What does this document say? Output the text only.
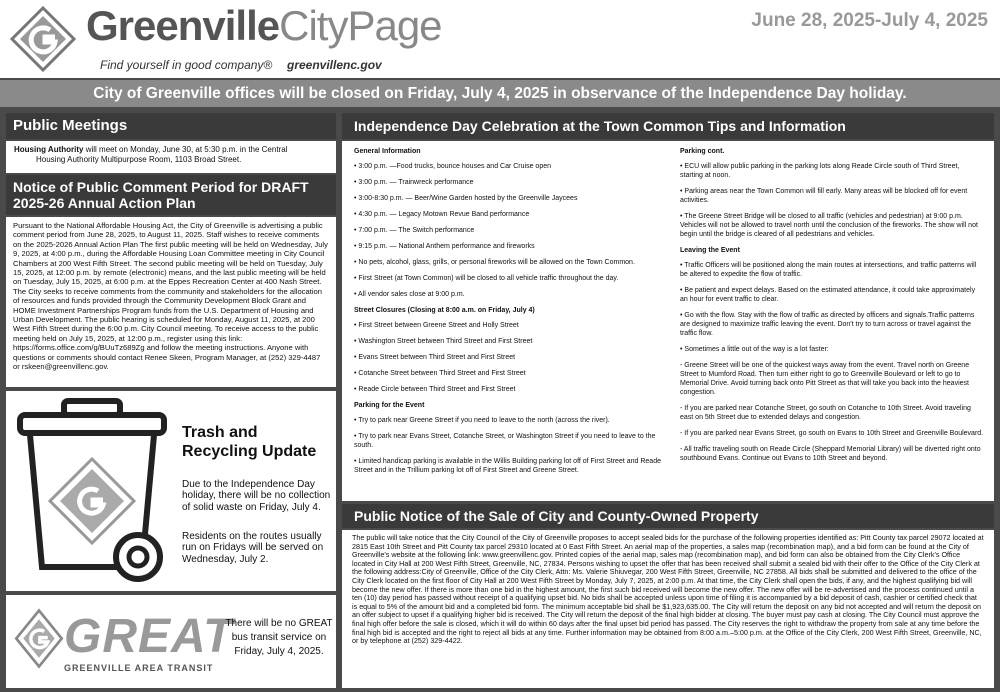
GreenvilleCityPage
Find yourself in good company® greenvillenc.gov
June 28, 2025-July 4, 2025
City of Greenville offices will be closed on Friday, July 4, 2025 in observance of the Independence Day holiday.
Public Meetings
Housing Authority will meet on Monday, June 30, at 5:30 p.m. in the Central
Housing Authority Multipurpose Room, 1103 Broad Street.
Notice of Public Comment Period for DRAFT 2025-26 Annual Action Plan
Pursuant to the National Affordable Housing Act, the City of Greenville is advertising a public comment period from June 28, 2025, to August 11, 2025. Staff wishes to receive comments on the 2025-2026 Annual Action Plan The first public meeting will be held on Wednesday, July 9, 2025, at 4:00 p.m., during the Affordable Housing Loan Committee meeting in City Council Chambers at 200 West Fifth Street. The second public meeting will be held on Tuesday, July 15, 2025, at 12:00 p.m. by remote (electronic) means, and the last public meeting will be held on Tuesday, July 15, 2025, at 6:00 p.m. at the Eppes Recreation Center at 400 Nash Street. The City seeks to receive comments from the community and stakeholders for the allocation of resources and funds provided through the Community Development Block Grant and HOME Investment Partnerships Program funds from the U.S. Department of Housing and Urban Development. The public hearing is scheduled for Monday, August 11, 2025, at 200 West Fifth Street during the 6:00 p.m. City Council meeting. To receive access to the public meeting held on July 15, 2025, at 12:00 p.m., register using this link: https://forms.office.com/g/BUuTz689Zg and follow the meeting instructions. Anyone with questions or comments should contact Renee Skeen, Program Manager, at (252) 329-4487 or rskeen@greenvillenc.gov.
Trash and Recycling Update
Due to the Independence Day holiday, there will be no collection of solid waste on Friday, July 4.
Residents on the routes usually run on Fridays will be served on Wednesday, July 2.
GREAT
GREENVILLE AREA TRANSIT
There will be no GREAT bus transit service on Friday, July 4, 2025.
Independence Day Celebration at the Town Common Tips and Information
General Information
• 3:00 p.m. —Food trucks, bounce houses and Car Cruise open
• 3:00 p.m. — Trainwreck performance
• 3:00-8:30 p.m. — Beer/Wine Garden hosted by the Greenville Jaycees
• 4:30 p.m. — Legacy Motown Revue Band performance
• 7:00 p.m. — The Switch performance
• 9:15 p.m. — National Anthem performance and fireworks
• No pets, alcohol, glass, grills, or personal fireworks will be allowed on the Town Common.
• First Street (at Town Common) will be closed to all vehicle traffic throughout the day.
• All vendor sales close at 9:00 p.m.
Street Closures (Closing at 8:00 a.m. on Friday, July 4)
• First Street between Greene Street and Holly Street
• Washington Street between Third Street and First Street
• Evans Street between Third Street and First Street
• Cotanche Street between Third Street and First Street
• Reade Circle between Third Street and First Street
Parking for the Event
• Try to park near Greene Street if you need to leave to the north (across the river).
• Try to park near Evans Street, Cotanche Street, or Washington Street if you need to leave to the south.
• Limited handicap parking is available in the Willis Building parking lot off of First Street and Reade Street and in the Trillium parking lot off of First Street and Greene Street.
Parking cont.
• ECU will allow public parking in the parking lots along Reade Circle south of Third Street, starting at noon.
• Parking areas near the Town Common will fill early. Many areas will be blocked off for event activities.
• The Greene Street Bridge will be closed to all traffic (vehicles and pedestrian) at 9:00 p.m. Vehicles will not be allowed to travel north until the conclusion of the fireworks. The show will not begin until the bridge is cleared of all pedestrians and vehicles.
Leaving the Event
• Traffic Officers will be positioned along the main routes at intersections, and traffic patterns will be altered to expedite the flow of traffic.
• Be patient and expect delays. Based on the estimated attendance, it could take approximately an hour for event traffic to clear.
• Go with the flow. Stay with the flow of traffic as directed by officers and signals.Traffic patterns are designed to maximize traffic leaving the event. Don't try to turn across or travel against the traffic flow.
• Sometimes a little out of the way is a lot faster:
- Greene Street will be one of the quickest ways away from the event. Travel north on Greene Street to Mumford Road. Then turn either right to go to Greenville Boulevard or left to go to Memorial Drive. Avoid turning back onto Pitt Street as that will take you back into the heaviest congestion.
- If you are parked near Cotanche Street, go south on Cotanche to 10th Street. Avoid traveling east on 5th Street due to extended delays and congestion.
- If you are parked near Evans Street, go south on Evans to 10th Street and Greenville Boulevard.
- All traffic traveling south on Reade Circle (Sheppard Memorial Library) will be diverted right onto southbound Evans. Continue out Evans to 10th Street and beyond.
Public Notice of the Sale of City and County-Owned Property
The public will take notice that the City Council of the City of Greenville proposes to accept sealed bids for the purchase of the following properties identified as: Pitt County tax parcel 29072 located at 2815 East 10th Street and Pitt County tax parcel 29310 located at 0 East Fifth Street. An aerial map of the properties, a sales map (recombination map), and a bid form can be found at the City of Greenville's website at the following link: www.greenvillenc.gov. Printed copies of the aerial map, sales map (recombination map), and bid form can also be obtained from the City Clerk's Office located in City Hall at 200 West Fifth Street, Greenville, NC, 27834. Persons wishing to upset the offer that has been received shall submit a sealed bid with their offer to the Office of the City Clerk at the following address:City of Greenville, Office of the City Clerk, Attn: Ms. Valerie Shiuvegar, 200 West Fifth Street, Greenville, NC 27858. All bids shall be submitted and delivered to the office of the City Clerk located on the first floor of City Hall at 200 West Fifth Street by Monday, July 7, 2025, at 2:00 p.m. At that time, the City Clerk shall open the bids, if any, and the highest qualifying bid will become the new offer. If there is more than one bid in the highest amount, the first such bid received will become the new offer. The new offer will be re-advertised and the process continued until a ten (10) day period has passed without receipt of a qualifying upset bid. No bids shall be accepted unless upon time of filing it is accompanied by a bid deposit of cash, cashier or certified check that is equal to 5% of the amount bid and a completed bid form. The minimum acceptable bid shall be $1,923,635.00. The City will return the deposit on any bid not accepted and will return the deposit on an offer subject to upset if a qualifying higher bid is received. The City will return the deposit of the final high bidder at closing. The buyer must pay cash at closing. The City Council must approve the final high offer before the sale is closed, which it will do within 60 days after the final upset bid period has passed. The City reserves the right to withdraw the property from sale at any time before the final high bid is accepted and the right to reject all bids at any time. Further information may be obtained from 8:00 a.m.–5:00 p.m. at the Office of the City Clerk, 200 West Fifth Street, Greenville, NC, or by telephone at (252) 329-4422.
